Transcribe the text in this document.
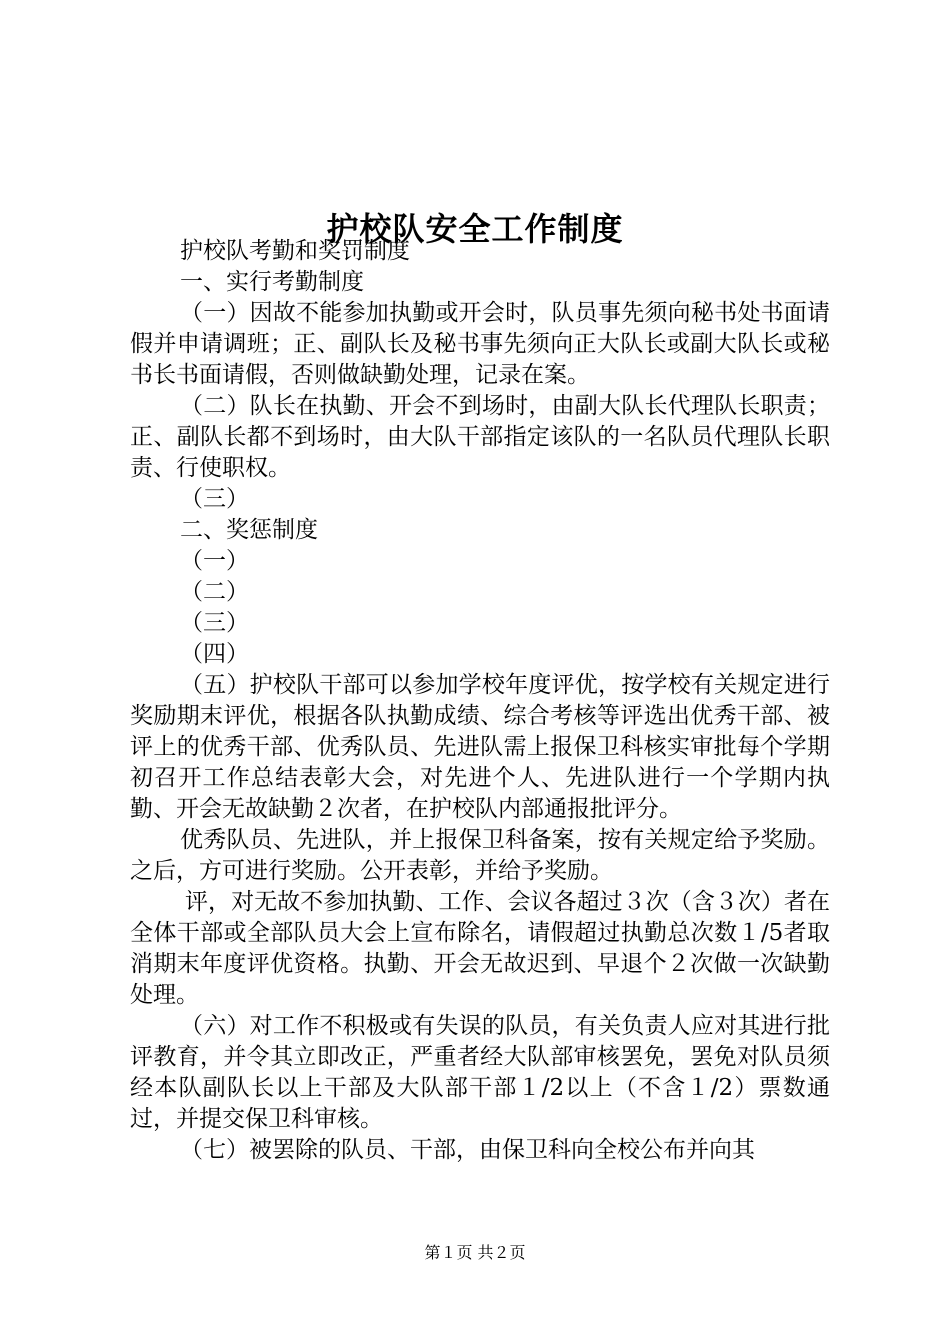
护校队安全工作制度

护校队考勤和奖罚制度

一、实行考勤制度

（一）因故不能参加执勤或开会时，队员事先须向秘书处书面请假并申请调班；正、副队长及秘书事先须向正大队长或副大队长或秘书长书面请假，否则做缺勤处理，记录在案。

（二）队长在执勤、开会不到场时，由副大队长代理队长职责；正、副队长都不到场时，由大队干部指定该队的一名队员代理队长职责、行使职权。

（三）

二、奖惩制度

（一）

（二）

（三）

（四）

（五）护校队干部可以参加学校年度评优，按学校有关规定进行奖励期末评优，根据各队执勤成绩、综合考核等评选出优秀干部、被评上的优秀干部、优秀队员、先进队需上报保卫科核实审批每个学期初召开工作总结表彰大会，对先进个人、先进队进行一个学期内执勤、开会无故缺勤２次者，在护校队内部通报批评分。

优秀队员、先进队，并上报保卫科备案，按有关规定给予奖励。之后，方可进行奖励。公开表彰，并给予奖励。

评，对无故不参加执勤、工作、会议各超过３次（含３次）者在全体干部或全部队员大会上宣布除名，请假超过执勤总次数１/5者取消期末年度评优资格。执勤、开会无故迟到、早退个２次做一次缺勤处理。

（六）对工作不积极或有失误的队员，有关负责人应对其进行批评教育，并令其立即改正，严重者经大队部审核罢免，罢免对队员须经本队副队长以上干部及大队部干部１/2以上（不含１/2）票数通过，并提交保卫科审核。

（七）被罢除的队员、干部，由保卫科向全校公布并向其

第１页 共２页
